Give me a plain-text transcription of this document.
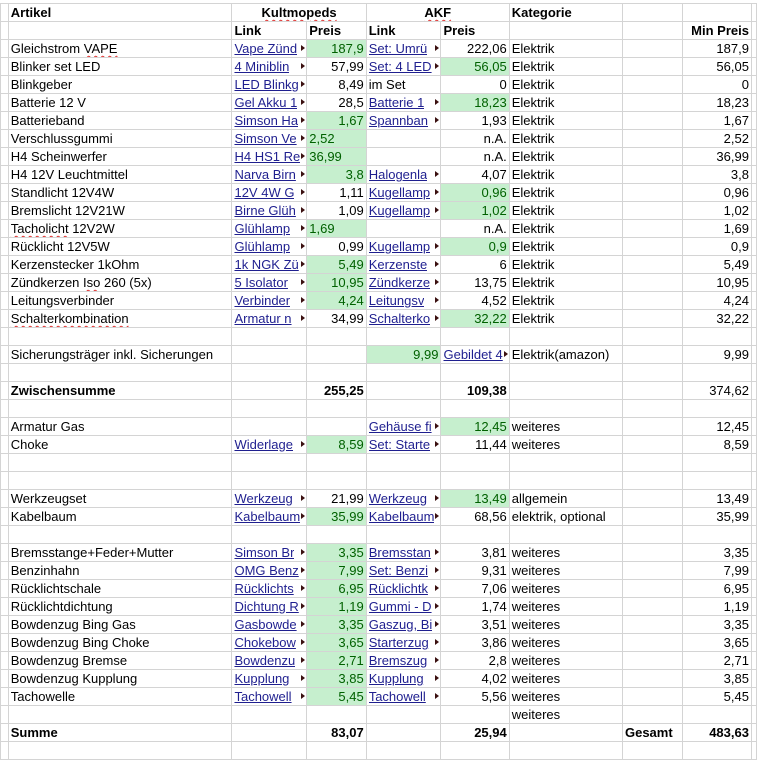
	Artikel	Kultmopeds		AKF		Kategorie			
		Link	Preis	Link	Preis			Min Preis	
	Gleichstrom VAPE	Vape Zünd	187,9	Set: Umrü	222,06	Elektrik		187,9	
	Blinker set LED	4 Miniblin	57,99	Set: 4 LED	56,05	Elektrik		56,05	
	Blinkgeber	LED Blinkg	8,49	im Set	0	Elektrik		0	
	Batterie 12 V	Gel Akku 1	28,5	Batterie 1	18,23	Elektrik		18,23	
	Batterieband	Simson Ha	1,67	Spannban	1,93	Elektrik		1,67	
	Verschlussgummi	Simson Ve	2,52		n.A.	Elektrik		2,52	
	H4 Scheinwerfer	H4 HS1 Re	36,99		n.A.	Elektrik		36,99	
	H4 12V Leuchtmittel	Narva Birn	3,8	Halogenla	4,07	Elektrik		3,8	
	Standlicht 12V4W	12V 4W G	1,11	Kugellamp	0,96	Elektrik		0,96	
	Bremslicht 12V21W	Birne Glüh	1,09	Kugellamp	1,02	Elektrik		1,02	
	Tacholicht 12V2W	Glühlamp	1,69		n.A.	Elektrik		1,69	
	Rücklicht 12V5W	Glühlamp	0,99	Kugellamp	0,9	Elektrik		0,9	
	Kerzenstecker 1kOhm	1k NGK Zü	5,49	Kerzenste	6	Elektrik		5,49	
	Zündkerzen Iso 260 (5x)	5 Isolator	10,95	Zündkerze	13,75	Elektrik		10,95	
	Leitungsverbinder	Verbinder	4,24	Leitungsv	4,52	Elektrik		4,24	
	Schalterkombination	Armatur n	34,99	Schalterko	32,22	Elektrik		32,22	

	Sicherungsträger inkl. Sicherungen			9,99	Gebildet 4	Elektrik(amazon)		9,99	

	Zwischensumme		255,25		109,38			374,62	

	Armatur Gas			Gehäuse fi	12,45	weiteres		12,45	
	Choke	Widerlage	8,59	Set: Starte	11,44	weiteres		8,59	

	Werkzeugset	Werkzeug	21,99	Werkzeug	13,49	allgemein		13,49	
	Kabelbaum	Kabelbaum	35,99	Kabelbaum	68,56	elektrik, optional		35,99	

	Bremsstange+Feder+Mutter	Simson Br	3,35	Bremsstan	3,81	weiteres		3,35	
	Benzinhahn	OMG Benz	7,99	Set: Benzi	9,31	weiteres		7,99	
	Rücklichtschale	Rücklichts	6,95	Rücklichtk	7,06	weiteres		6,95	
	Rücklichtdichtung	Dichtung R	1,19	Gummi - D	1,74	weiteres		1,19	
	Bowdenzug Bing Gas	Gasbowde	3,35	Gaszug, Bi	3,51	weiteres		3,35	
	Bowdenzug Bing Choke	Chokebow	3,65	Starterzug	3,86	weiteres		3,65	
	Bowdenzug Bremse	Bowdenzu	2,71	Bremszug	2,8	weiteres		2,71	
	Bowdenzug Kupplung	Kupplung	3,85	Kupplung	4,02	weiteres		3,85	
	Tachowelle	Tachowell	5,45	Tachowell	5,56	weiteres		5,45	
						weiteres			
	Summe		83,07		25,94		Gesamt	483,63	
